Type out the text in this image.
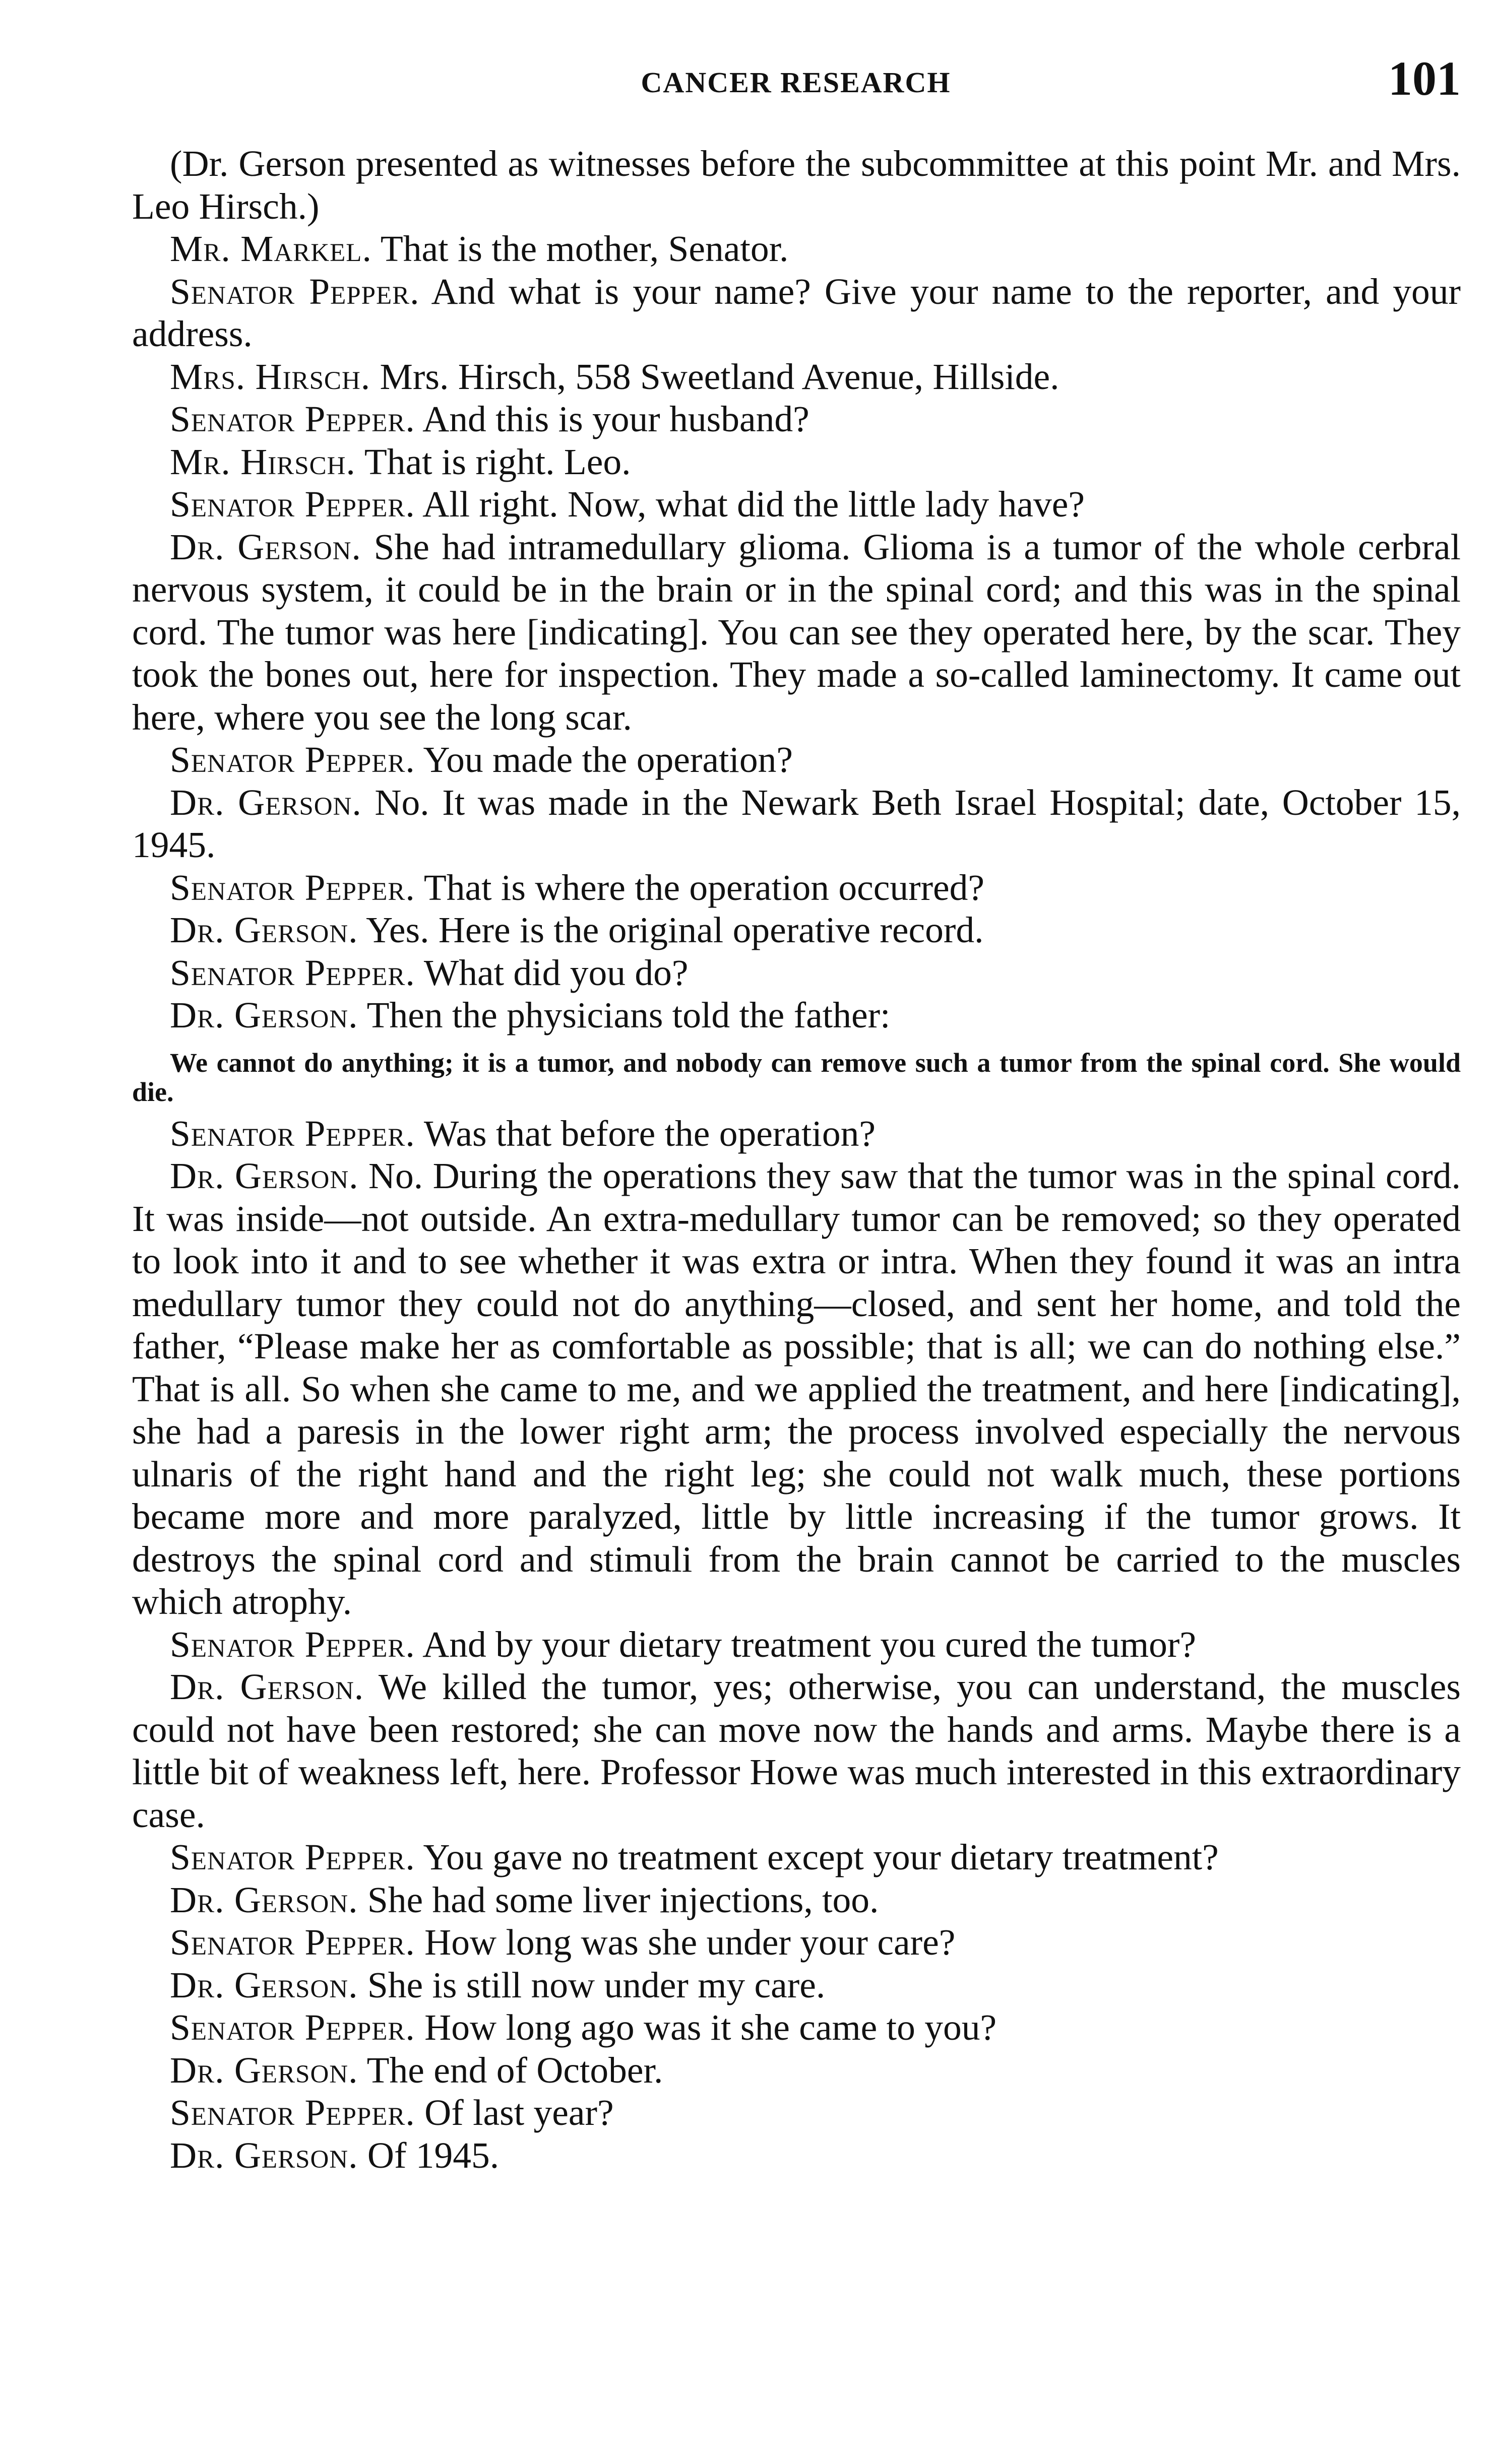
CANCER RESEARCH	101

(Dr. Gerson presented as witnesses before the subcommittee at this point Mr. and Mrs. Leo Hirsch.)

Mr. Markel. That is the mother, Senator.

Senator Pepper. And what is your name? Give your name to the reporter, and your address.

Mrs. Hirsch. Mrs. Hirsch, 558 Sweetland Avenue, Hillside.

Senator Pepper. And this is your husband?

Mr. Hirsch. That is right. Leo.

Senator Pepper. All right. Now, what did the little lady have?

Dr. Gerson. She had intramedullary glioma. Glioma is a tumor of the whole cerbral nervous system, it could be in the brain or in the spinal cord; and this was in the spinal cord. The tumor was here [indicating]. You can see they operated here, by the scar. They took the bones out, here for inspection. They made a so-called laminectomy. It came out here, where you see the long scar.

Senator Pepper. You made the operation?

Dr. Gerson. No. It was made in the Newark Beth Israel Hospital; date, October 15, 1945.

Senator Pepper. That is where the operation occurred?

Dr. Gerson. Yes. Here is the original operative record.

Senator Pepper. What did you do?

Dr. Gerson. Then the physicians told the father:

We cannot do anything; it is a tumor, and nobody can remove such a tumor from the spinal cord. She would die.

Senator Pepper. Was that before the operation?

Dr. Gerson. No. During the operations they saw that the tumor was in the spinal cord. It was inside—not outside. An extra-medullary tumor can be removed; so they operated to look into it and to see whether it was extra or intra. When they found it was an intra medullary tumor they could not do anything—closed, and sent her home, and told the father, “Please make her as comfortable as possible; that is all; we can do nothing else.” That is all. So when she came to me, and we applied the treatment, and here [indicating], she had a paresis in the lower right arm; the process involved especially the nervous ulnaris of the right hand and the right leg; she could not walk much, these portions became more and more paralyzed, little by little increasing if the tumor grows. It destroys the spinal cord and stimuli from the brain cannot be carried to the muscles which atrophy.

Senator Pepper. And by your dietary treatment you cured the tumor?

Dr. Gerson. We killed the tumor, yes; otherwise, you can understand, the muscles could not have been restored; she can move now the hands and arms. Maybe there is a little bit of weakness left, here. Professor Howe was much interested in this extraordinary case.

Senator Pepper. You gave no treatment except your dietary treatment?

Dr. Gerson. She had some liver injections, too.

Senator Pepper. How long was she under your care?

Dr. Gerson. She is still now under my care.

Senator Pepper. How long ago was it she came to you?

Dr. Gerson. The end of October.

Senator Pepper. Of last year?

Dr. Gerson. Of 1945.
